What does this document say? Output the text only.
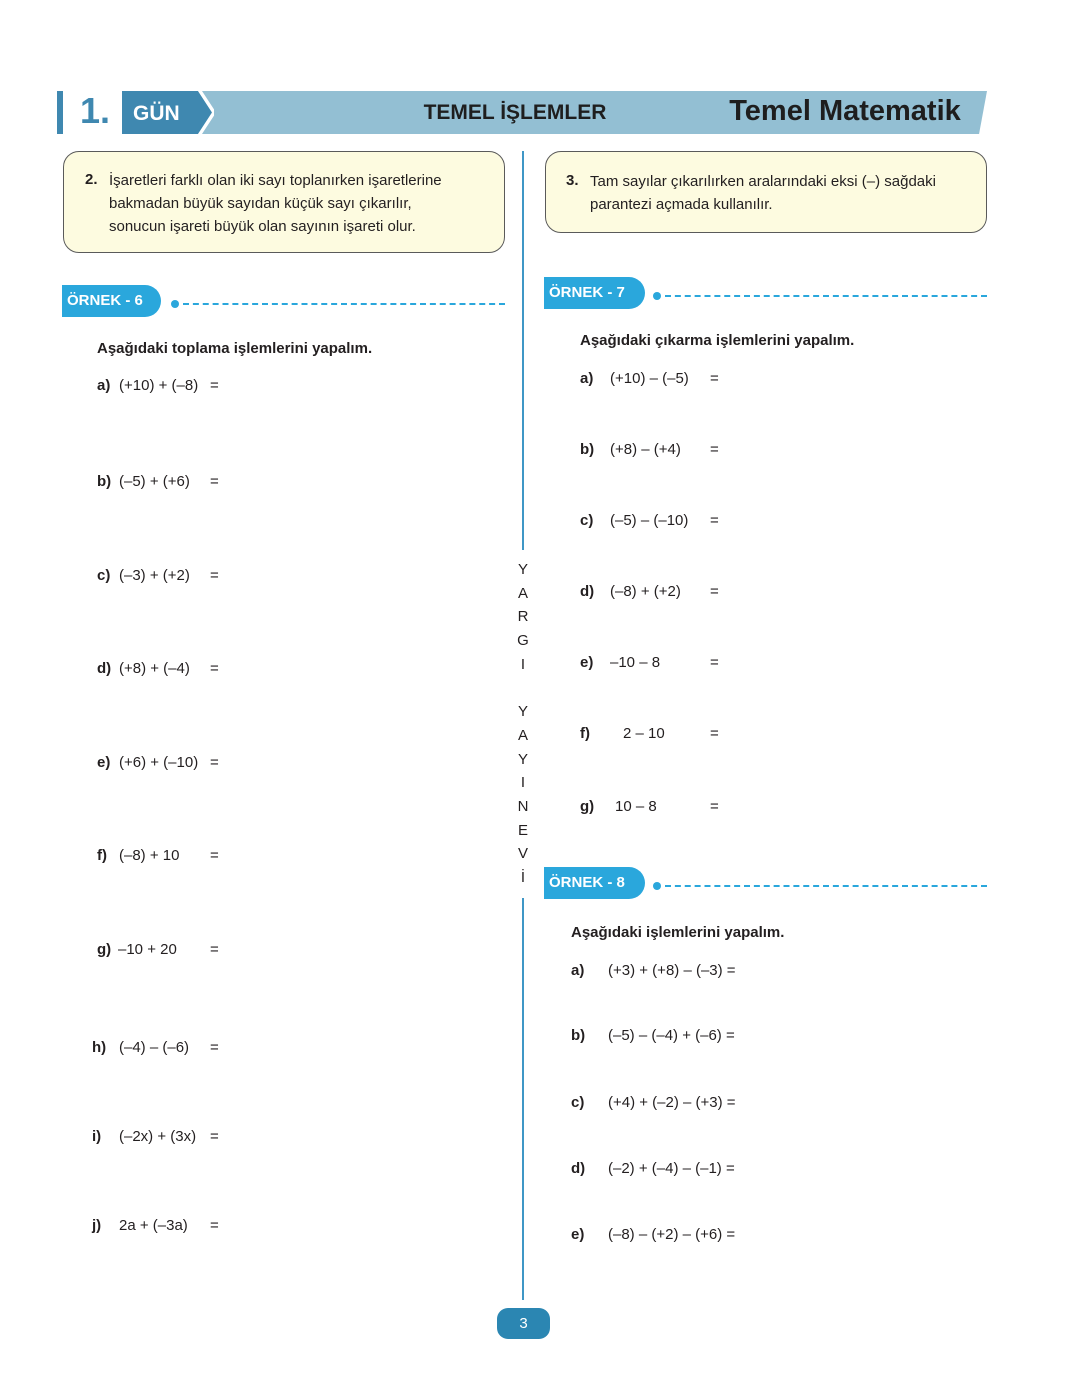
1. GÜN	TEMEL İŞLEMLER	Temel Matematik
2. İşaretleri farklı olan iki sayı toplanırken işaretlerine
bakmadan büyük sayıdan küçük sayı çıkarılır,
sonucun işareti büyük olan sayının işareti olur.
3. Tam sayılar çıkarılırken aralarındaki eksi (–) sağdaki
parantezi açmada kullanılır.
Y
A
R
G
I
Y
A
Y
I
N
E
V
İ
ÖRNEK - 6
Aşağıdaki toplama işlemlerini yapalım.
a) (+10) + (–8) =
b) (–5) + (+6) =
c) (–3) + (+2) =
d) (+8) + (–4) =
e) (+6) + (–10) =
f) (–8) + 10 =
g) –10 + 20 =
h) (–4) – (–6) =
i) (–2x) + (3x) =
j) 2a + (–3a) =
ÖRNEK - 7
Aşağıdaki çıkarma işlemlerini yapalım.
a) (+10) – (–5) =
b) (+8) – (+4) =
c) (–5) – (–10) =
d) (–8) + (+2) =
e) –10 – 8	=
f) 2 – 10	=
g) 10 – 8	=
ÖRNEK - 8
Aşağıdaki işlemlerini yapalım.
a) (+3) + (+8) – (–3) =
b) (–5) – (–4) + (–6) =
c) (+4) + (–2) – (+3) =
d) (–2) + (–4) – (–1) =
e) (–8) – (+2) – (+6) =
3
